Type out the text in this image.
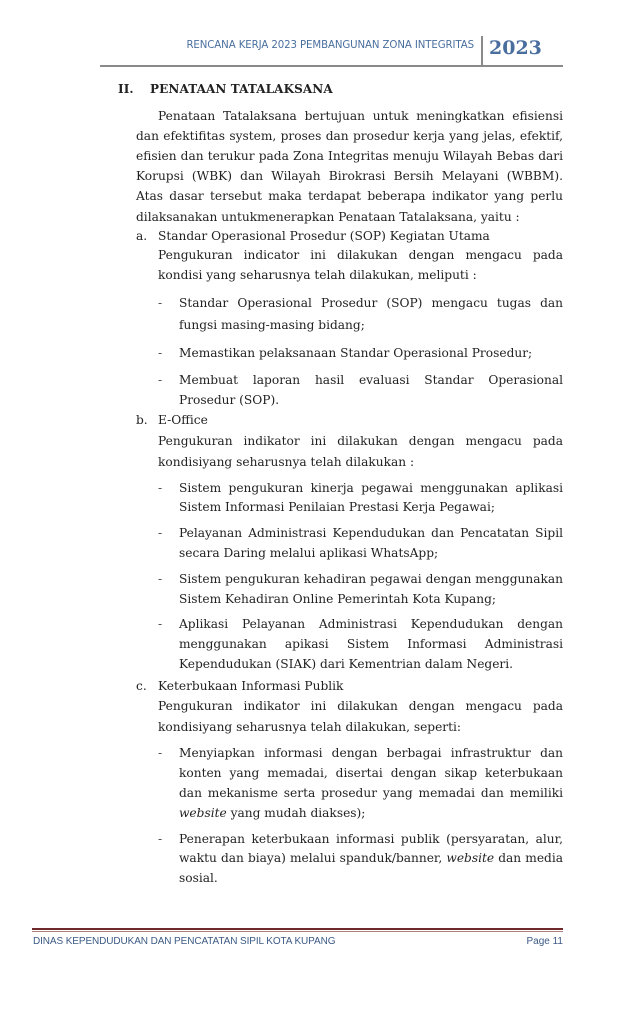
RENCANA KERJA 2023 PEMBANGUNAN ZONA INTEGRITAS 2023
II. PENATAAN TATALAKSANA

Penataan Tatalaksana bertujuan untuk meningkatkan efisiensi dan efektifitas system, proses dan prosedur kerja yang jelas, efektif, efisien dan terukur pada Zona Integritas menuju Wilayah Bebas dari Korupsi (WBK) dan Wilayah Birokrasi Bersih Melayani (WBBM). Atas dasar tersebut maka terdapat beberapa indikator yang perlu dilaksanakan untukmenerapkan Penataan Tatalaksana, yaitu :

a. Standar Operasional Prosedur (SOP) Kegiatan Utama
Pengukuran indicator ini dilakukan dengan mengacu pada kondisi yang seharusnya telah dilakukan, meliputi :
- Standar Operasional Prosedur (SOP) mengacu tugas dan fungsi masing-masing bidang;
- Memastikan pelaksanaan Standar Operasional Prosedur;
- Membuat laporan hasil evaluasi Standar Operasional Prosedur (SOP).
b. E-Office
Pengukuran indikator ini dilakukan dengan mengacu pada kondisiyang seharusnya telah dilakukan :
- Sistem pengukuran kinerja pegawai menggunakan aplikasi Sistem Informasi Penilaian Prestasi Kerja Pegawai;
- Pelayanan Administrasi Kependudukan dan Pencatatan Sipil secara Daring melalui aplikasi WhatsApp;
- Sistem pengukuran kehadiran pegawai dengan menggunakan Sistem Kehadiran Online Pemerintah Kota Kupang;
- Aplikasi Pelayanan Administrasi Kependudukan dengan menggunakan apikasi Sistem Informasi Administrasi Kependudukan (SIAK) dari Kementrian dalam Negeri.
c. Keterbukaan Informasi Publik
Pengukuran indikator ini dilakukan dengan mengacu pada kondisiyang seharusnya telah dilakukan, seperti:
- Menyiapkan informasi dengan berbagai infrastruktur dan konten yang memadai, disertai dengan sikap keterbukaan dan mekanisme serta prosedur yang memadai dan memiliki website yang mudah diakses);
- Penerapan keterbukaan informasi publik (persyaratan, alur, waktu dan biaya) melalui spanduk/banner, website dan media sosial.
DINAS KEPENDUDUKAN DAN PENCATATAN SIPIL KOTA KUPANG	Page 11
